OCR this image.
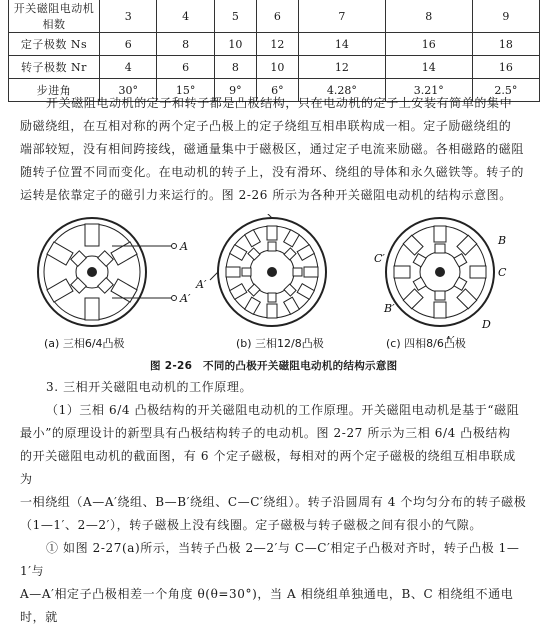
开关磁阻电动机相数	3	4	5	6	7	8	9
定子极数 Ns	6	8	10	12	14	16	18
转子极数 Nr	4	6	8	10	12	14	16
步进角	30°	15°	9°	6°	4.28°	3.21°	2.5°
开关磁阻电动机的定子和转子都是凸极结构，只在电动机的定子上安装有简单的集中
励磁绕组，在互相对称的两个定子凸极上的定子绕组互相串联构成一相。定子励磁绕组的
端部较短，没有相间跨接线，磁通量集中于磁极区，通过定子电流来励磁。各相磁路的磁阻
随转子位置不同而变化。在电动机的转子上，没有滑环、绕组的导体和永久磁铁等。转子的
运转是依靠定子的磁引力来运行的。图 2-26 所示为各种开关磁阻电动机的结构示意图。
A
A′
A′
B
C′
C
B′
D
(a) 三相6/4凸极	(b) 三相12/8凸极	(c) 四相8/6凸极
图 2-26　不同的凸极开关磁阻电动机的结构示意图
3. 三相开关磁阻电动机的工作原理。
（1）三相 6/4 凸极结构的开关磁阻电动机的工作原理。开关磁阻电动机是基于“磁阻
最小”的原理设计的新型具有凸极结构转子的电动机。图 2-27 所示为三相 6/4 凸极结构
的开关磁阻电动机的截面图，有 6 个定子磁极，每相对的两个定子磁极的绕组互相串联成为
一相绕组（A—A′绕组、B—B′绕组、C—C′绕组）。转子沿圆周有 4 个均匀分布的转子磁极
（1—1′、2—2′），转子磁极上没有线圈。定子磁极与转子磁极之间有很小的气隙。
① 如图 2-27(a)所示，当转子凸极 2—2′与 C—C′相定子凸极对齐时，转子凸极 1—1′与
A—A′相定子凸极相差一个角度 θ(θ=30°)，当 A 相绕组单独通电，B、C 相绕组不通电时，就
